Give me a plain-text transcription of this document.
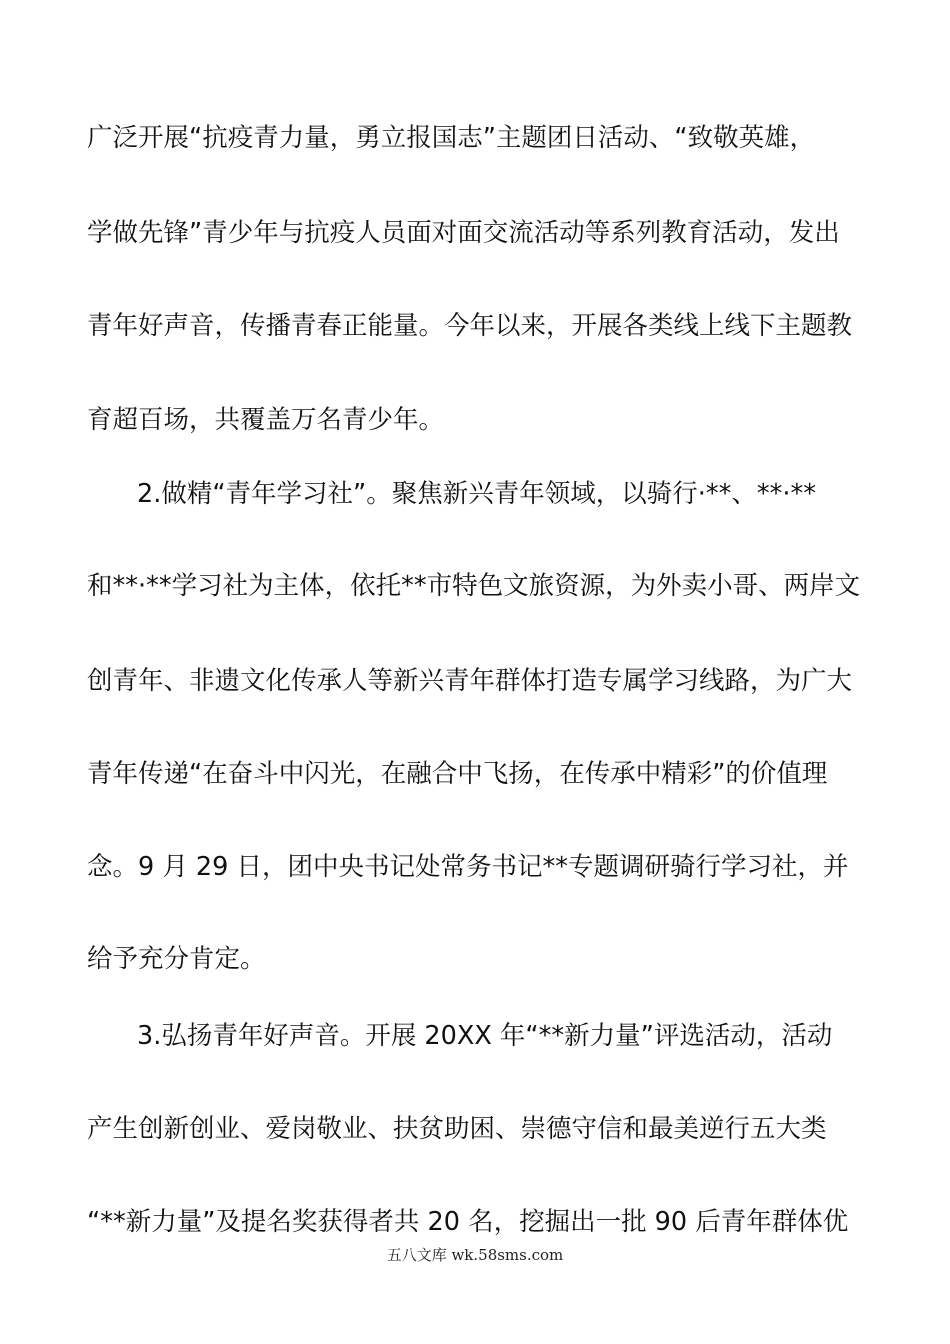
广泛开展“抗疫青力量，勇立报国志”主题团日活动、“致敬英雄，
学做先锋”青少年与抗疫人员面对面交流活动等系列教育活动，发出
青年好声音，传播青春正能量。今年以来，开展各类线上线下主题教
育超百场，共覆盖万名青少年。
2.做精“青年学习社”。聚焦新兴青年领域，以骑行·**、**·**
和**·**学习社为主体，依托**市特色文旅资源，为外卖小哥、两岸文
创青年、非遗文化传承人等新兴青年群体打造专属学习线路，为广大
青年传递“在奋斗中闪光，在融合中飞扬，在传承中精彩”的价值理
念。9 月 29 日，团中央书记处常务书记**专题调研骑行学习社，并
给予充分肯定。
3.弘扬青年好声音。开展 20XX 年“**新力量”评选活动，活动
产生创新创业、爱岗敬业、扶贫助困、崇德守信和最美逆行五大类
“**新力量”及提名奖获得者共 20 名，挖掘出一批 90 后青年群体优
五八文库 wk.58sms.com
